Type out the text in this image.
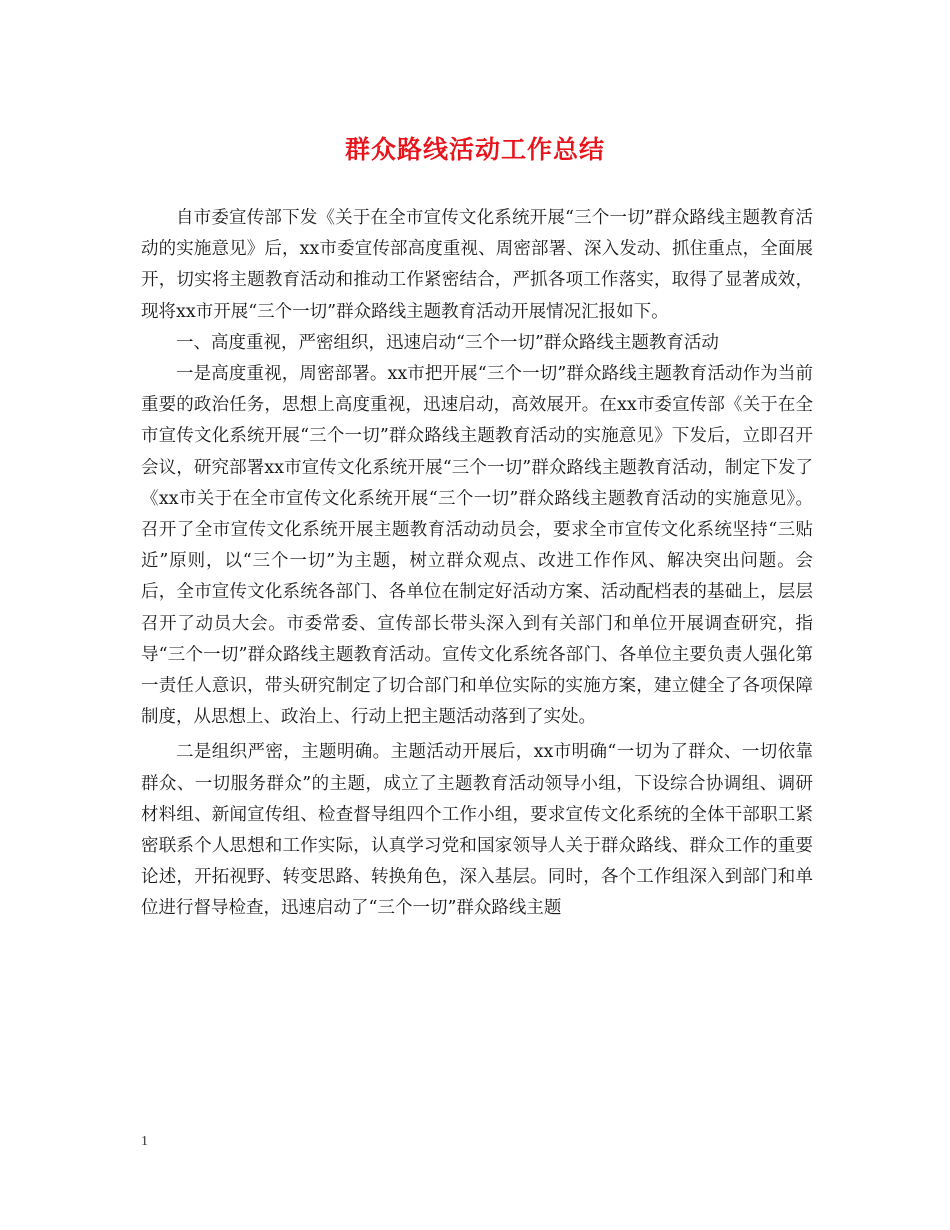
群众路线活动工作总结

自市委宣传部下发《关于在全市宣传文化系统开展“三个一切”群众路线主题教育活动的实施意见》后，xx市委宣传部高度重视、周密部署、深入发动、抓住重点，全面展开，切实将主题教育活动和推动工作紧密结合，严抓各项工作落实，取得了显著成效，现将xx市开展“三个一切”群众路线主题教育活动开展情况汇报如下。

一、高度重视，严密组织，迅速启动“三个一切”群众路线主题教育活动

一是高度重视，周密部署。xx市把开展“三个一切”群众路线主题教育活动作为当前重要的政治任务，思想上高度重视，迅速启动，高效展开。在xx市委宣传部《关于在全市宣传文化系统开展“三个一切”群众路线主题教育活动的实施意见》下发后，立即召开会议，研究部署xx市宣传文化系统开展“三个一切”群众路线主题教育活动，制定下发了《xx市关于在全市宣传文化系统开展“三个一切”群众路线主题教育活动的实施意见》。召开了全市宣传文化系统开展主题教育活动动员会，要求全市宣传文化系统坚持“三贴近”原则，以“三个一切”为主题，树立群众观点、改进工作作风、解决突出问题。会后，全市宣传文化系统各部门、各单位在制定好活动方案、活动配档表的基础上，层层召开了动员大会。市委常委、宣传部长带头深入到有关部门和单位开展调查研究，指导“三个一切”群众路线主题教育活动。宣传文化系统各部门、各单位主要负责人强化第一责任人意识，带头研究制定了切合部门和单位实际的实施方案，建立健全了各项保障制度，从思想上、政治上、行动上把主题活动落到了实处。

二是组织严密，主题明确。主题活动开展后，xx市明确“一切为了群众、一切依靠群众、一切服务群众”的主题，成立了主题教育活动领导小组，下设综合协调组、调研材料组、新闻宣传组、检查督导组四个工作小组，要求宣传文化系统的全体干部职工紧密联系个人思想和工作实际，认真学习党和国家领导人关于群众路线、群众工作的重要论述，开拓视野、转变思路、转换角色，深入基层。同时，各个工作组深入到部门和单位进行督导检查，迅速启动了“三个一切”群众路线主题

1
